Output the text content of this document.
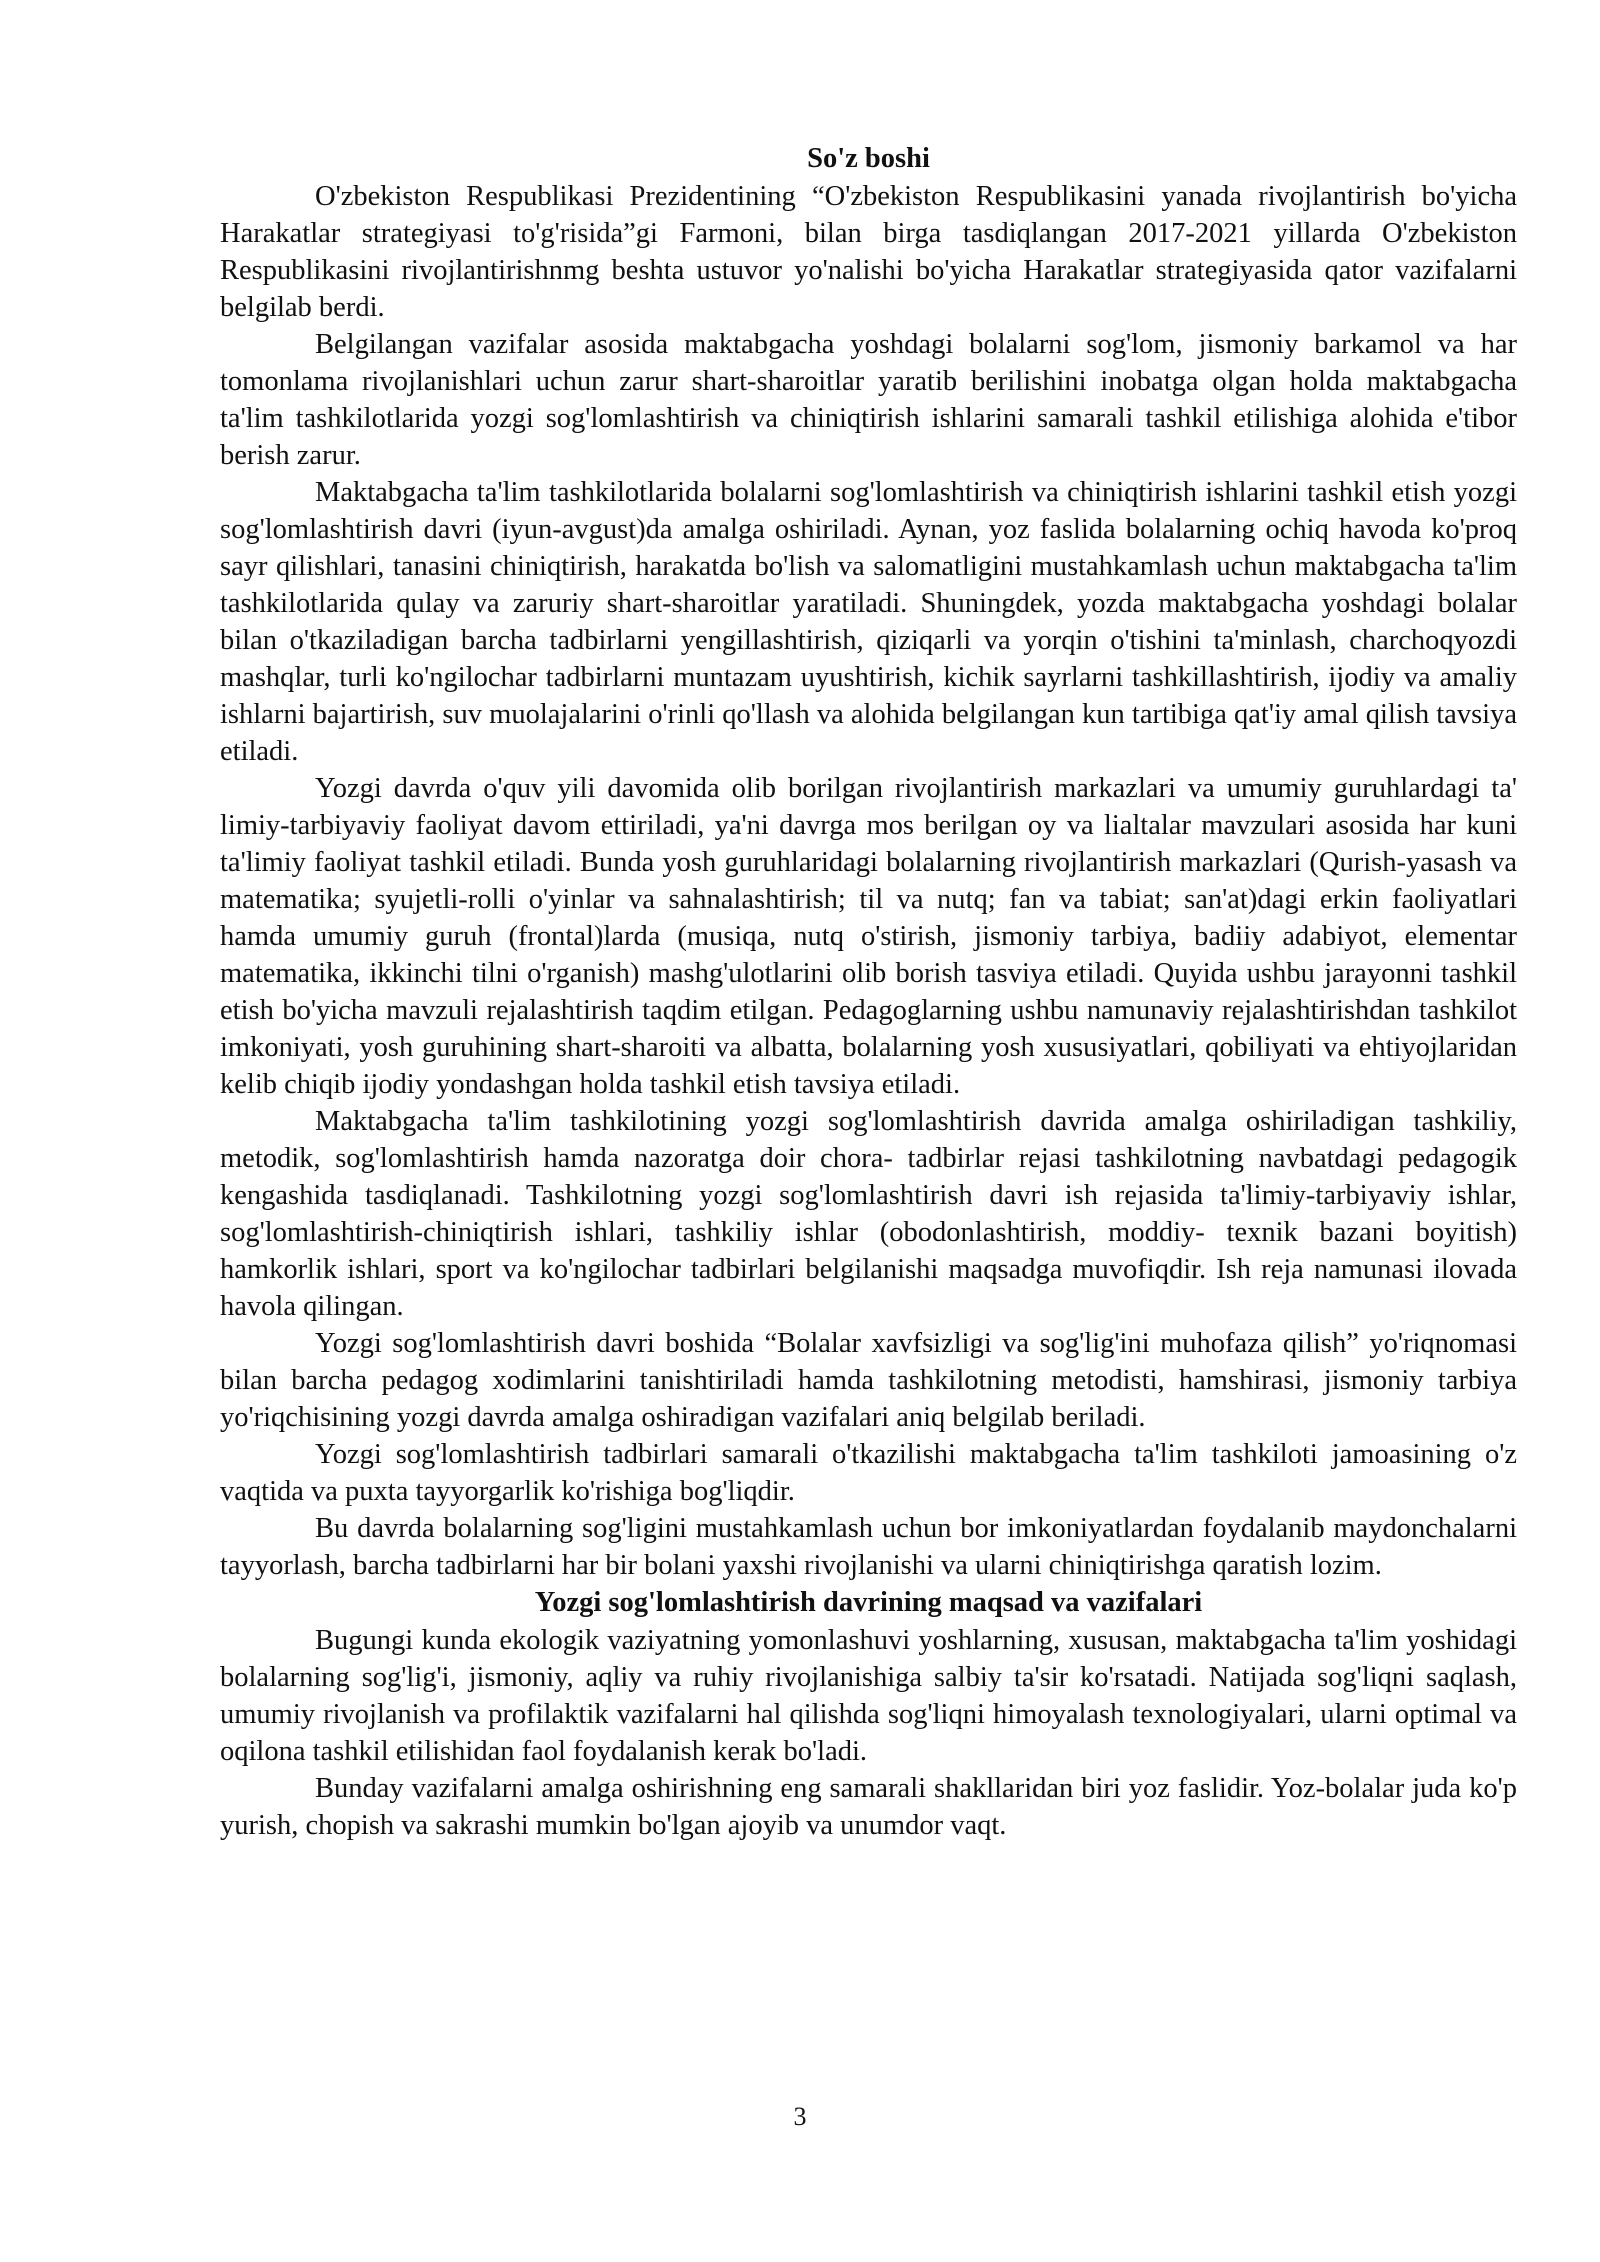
So'z boshi

O'zbekiston Respublikasi Prezidentining “O'zbekiston Respublikasini yanada rivojlantirish bo'yicha Harakatlar strategiyasi to'g'risida”gi Farmoni, bilan birga tasdiqlangan 2017-2021 yillarda O'zbekiston Respublikasini rivojlantirishnmg beshta ustuvor yo'nalishi bo'yicha Harakatlar strategiyasida qator vazifalarni belgilab berdi.

Belgilangan vazifalar asosida maktabgacha yoshdagi bolalarni sog'lom, jismoniy barkamol va har tomonlama rivojlanishlari uchun zarur shart-sharoitlar yaratib berilishini inobatga olgan holda maktabgacha ta'lim tashkilotlarida yozgi sog'lomlashtirish va chiniqtirish ishlarini samarali tashkil etilishiga alohida e'tibor berish zarur.

Maktabgacha ta'lim tashkilotlarida bolalarni sog'lomlashtirish va chiniqtirish ishlarini tashkil etish yozgi sog'lomlashtirish davri (iyun-avgust)da amalga oshiriladi. Aynan, yoz faslida bolalarning ochiq havoda ko'proq sayr qilishlari, tanasini chiniqtirish, harakatda bo'lish va salomatligini mustahkamlash uchun maktabgacha ta'lim tashkilotlarida qulay va zaruriy shart-sharoitlar yaratiladi. Shuningdek, yozda maktabgacha yoshdagi bolalar bilan o'tkaziladigan barcha tadbirlarni yengillashtirish, qiziqarli va yorqin o'tishini ta'minlash, charchoqyozdi mashqlar, turli ko'ngilochar tadbirlarni muntazam uyushtirish, kichik sayrlarni tashkillashtirish, ijodiy va amaliy ishlarni bajartirish, suv muolajalarini o'rinli qo'llash va alohida belgilangan kun tartibiga qat'iy amal qilish tavsiya etiladi.

Yozgi davrda o'quv yili davomida olib borilgan rivojlantirish markazlari va umumiy guruhlardagi ta' limiy-tarbiyaviy faoliyat davom ettiriladi, ya'ni davrga mos berilgan oy va lialtalar mavzulari asosida har kuni ta'limiy faoliyat tashkil etiladi. Bunda yosh guruhlaridagi bolalarning rivojlantirish markazlari (Qurish-yasash va matematika; syujetli-rolli o'yinlar va sahnalashtirish; til va nutq; fan va tabiat; san'at)dagi erkin faoliyatlari hamda umumiy guruh (frontal)larda (musiqa, nutq o'stirish, jismoniy tarbiya, badiiy adabiyot, elementar matematika, ikkinchi tilni o'rganish) mashg'ulotlarini olib borish tasviya etiladi. Quyida ushbu jarayonni tashkil etish bo'yicha mavzuli rejalashtirish taqdim etilgan. Pedagoglarning ushbu namunaviy rejalashtirishdan tashkilot imkoniyati, yosh guruhining shart-sharoiti va albatta, bolalarning yosh xususiyatlari, qobiliyati va ehtiyojlaridan kelib chiqib ijodiy yondashgan holda tashkil etish tavsiya etiladi.

Maktabgacha ta'lim tashkilotining yozgi sog'lomlashtirish davrida amalga oshiriladigan tashkiliy, metodik, sog'lomlashtirish hamda nazoratga doir chora- tadbirlar rejasi tashkilotning navbatdagi pedagogik kengashida tasdiqlanadi. Tashkilotning yozgi sog'lomlashtirish davri ish rejasida ta'limiy-tarbiyaviy ishlar, sog'lomlashtirish-chiniqtirish ishlari, tashkiliy ishlar (obodonlashtirish, moddiy- texnik bazani boyitish) hamkorlik ishlari, sport va ko'ngilochar tadbirlari belgilanishi maqsadga muvofiqdir. Ish reja namunasi ilovada havola qilingan.

Yozgi sog'lomlashtirish davri boshida “Bolalar xavfsizligi va sog'lig'ini muhofaza qilish” yo'riqnomasi bilan barcha pedagog xodimlarini tanishtiriladi hamda tashkilotning metodisti, hamshirasi, jismoniy tarbiya yo'riqchisining yozgi davrda amalga oshiradigan vazifalari aniq belgilab beriladi.

Yozgi sog'lomlashtirish tadbirlari samarali o'tkazilishi maktabgacha ta'lim tashkiloti jamoasining o'z vaqtida va puxta tayyorgarlik ko'rishiga bog'liqdir.

Bu davrda bolalarning sog'ligini mustahkamlash uchun bor imkoniyatlardan foydalanib maydonchalarni tayyorlash, barcha tadbirlarni har bir bolani yaxshi rivojlanishi va ularni chiniqtirishga qaratish lozim.

Yozgi sog'lomlashtirish davrining maqsad va vazifalari

Bugungi kunda ekologik vaziyatning yomonlashuvi yoshlarning, xususan, maktabgacha ta'lim yoshidagi bolalarning sog'lig'i, jismoniy, aqliy va ruhiy rivojlanishiga salbiy ta'sir ko'rsatadi. Natijada sog'liqni saqlash, umumiy rivojlanish va profilaktik vazifalarni hal qilishda sog'liqni himoyalash texnologiyalari, ularni optimal va oqilona tashkil etilishidan faol foydalanish kerak bo'ladi.

Bunday vazifalarni amalga oshirishning eng samarali shakllaridan biri yoz faslidir. Yoz-bolalar juda ko'p yurish, chopish va sakrashi mumkin bo'lgan ajoyib va unumdor vaqt.

3
